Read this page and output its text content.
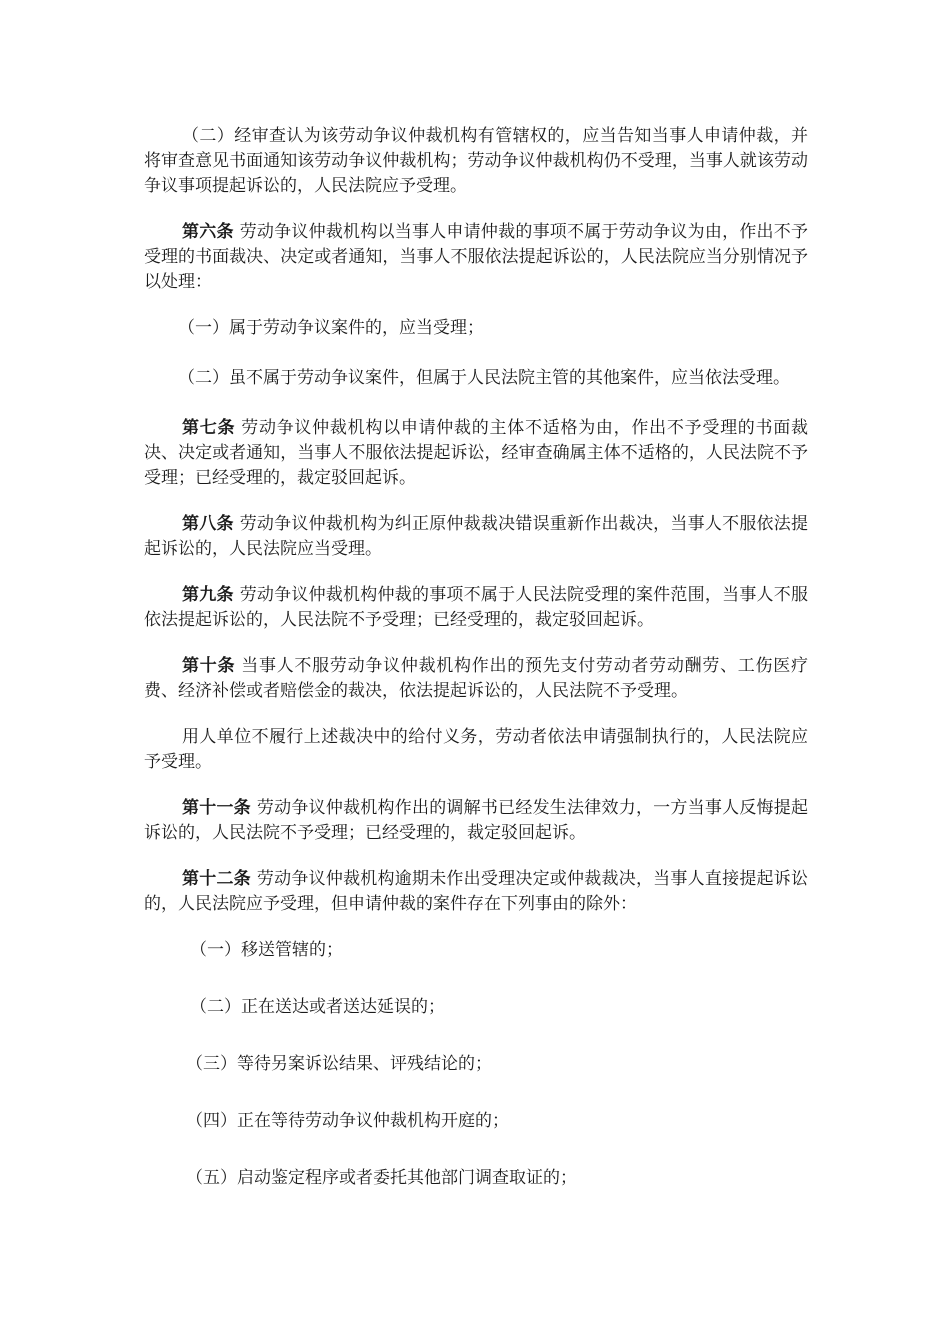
（二）经审查认为该劳动争议仲裁机构有管辖权的，应当告知当事人申请仲裁，并将审查意见书面通知该劳动争议仲裁机构；劳动争议仲裁机构仍不受理，当事人就该劳动争议事项提起诉讼的，人民法院应予受理。

第六条 劳动争议仲裁机构以当事人申请仲裁的事项不属于劳动争议为由，作出不予受理的书面裁决、决定或者通知，当事人不服依法提起诉讼的，人民法院应当分别情况予以处理：

（一）属于劳动争议案件的，应当受理；

（二）虽不属于劳动争议案件，但属于人民法院主管的其他案件，应当依法受理。

第七条 劳动争议仲裁机构以申请仲裁的主体不适格为由，作出不予受理的书面裁决、决定或者通知，当事人不服依法提起诉讼，经审查确属主体不适格的，人民法院不予受理；已经受理的，裁定驳回起诉。

第八条 劳动争议仲裁机构为纠正原仲裁裁决错误重新作出裁决，当事人不服依法提起诉讼的，人民法院应当受理。

第九条 劳动争议仲裁机构仲裁的事项不属于人民法院受理的案件范围，当事人不服依法提起诉讼的，人民法院不予受理；已经受理的，裁定驳回起诉。

第十条 当事人不服劳动争议仲裁机构作出的预先支付劳动者劳动酬劳、工伤医疗费、经济补偿或者赔偿金的裁决，依法提起诉讼的，人民法院不予受理。

用人单位不履行上述裁决中的给付义务，劳动者依法申请强制执行的，人民法院应予受理。

第十一条 劳动争议仲裁机构作出的调解书已经发生法律效力，一方当事人反悔提起诉讼的，人民法院不予受理；已经受理的，裁定驳回起诉。

第十二条 劳动争议仲裁机构逾期未作出受理决定或仲裁裁决，当事人直接提起诉讼的，人民法院应予受理，但申请仲裁的案件存在下列事由的除外：

（一）移送管辖的；

（二）正在送达或者送达延误的；

（三）等待另案诉讼结果、评残结论的；

（四）正在等待劳动争议仲裁机构开庭的；

（五）启动鉴定程序或者委托其他部门调查取证的；
